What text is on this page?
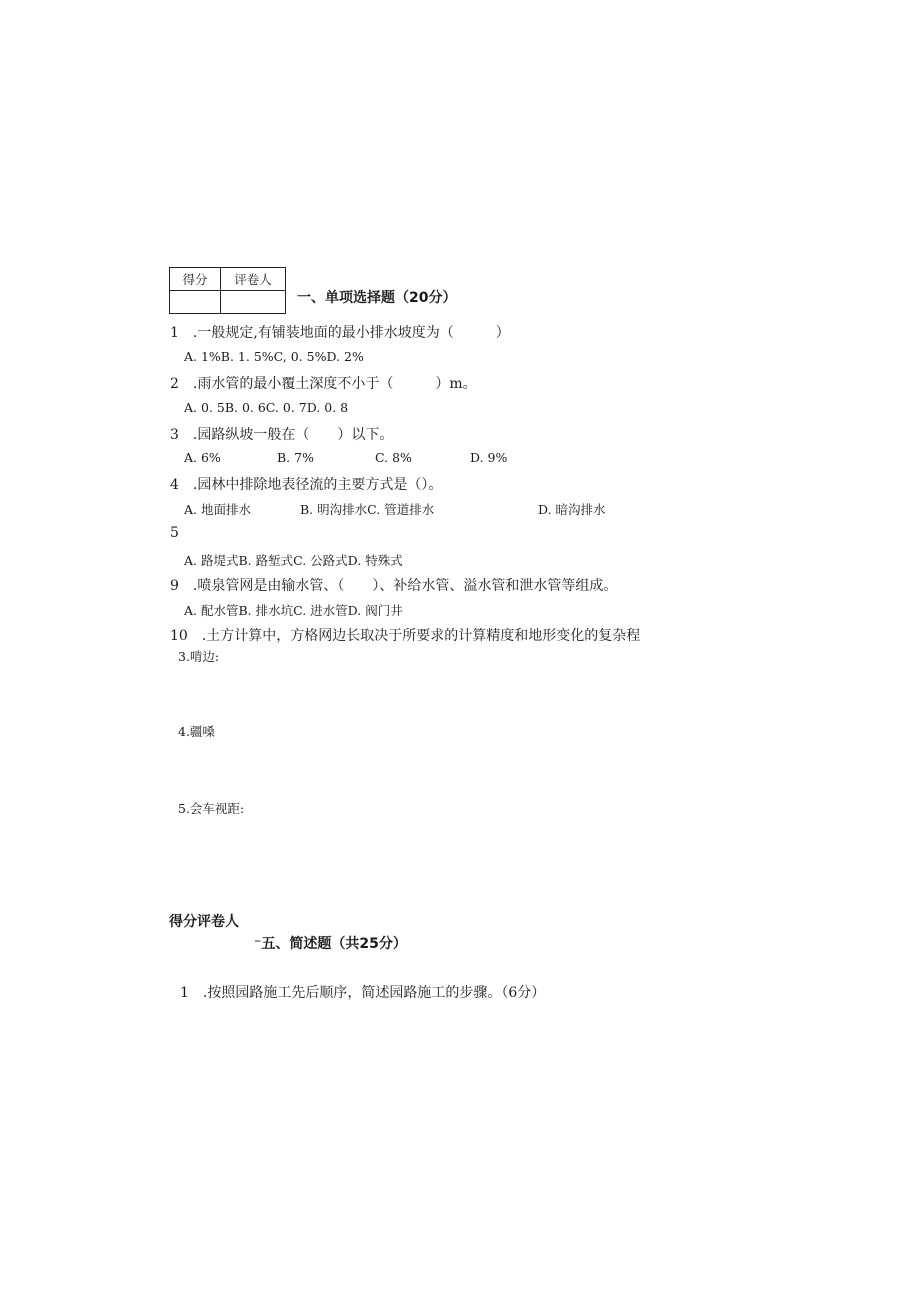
得分	评卷人

一、单项选择题（20分）
1　.一般规定,有铺装地面的最小排水坡度为（　　　）
A. 1%B. 1. 5%C, 0. 5%D. 2%
2　.雨水管的最小覆土深度不小于（　　　）m。
A. 0. 5B. 0. 6C. 0. 7D. 0. 8
3　.园路纵坡一般在（　　）以下。
A. 6%	B. 7%	C. 8%	D. 9%
4　.园林中排除地表径流的主要方式是（）。
A. 地面排水	B. 明沟排水C. 管道排水	D. 暗沟排水
5
A. 路堤式B. 路堑式C. 公路式D. 特殊式
9　.喷泉管网是由输水管、（　　）、补给水管、溢水管和泄水管等组成。
A. 配水管B. 排水坑C. 进水管D. 阀门井
10　.土方计算中，方格网边长取决于所要求的计算精度和地形变化的复杂程
3.啃边:
4.疆嗓
5.会车视距:
得分评卷人
⁻五、简述题（共25分）
1　.按照园路施工先后顺序，简述园路施工的步骤。（6分）
